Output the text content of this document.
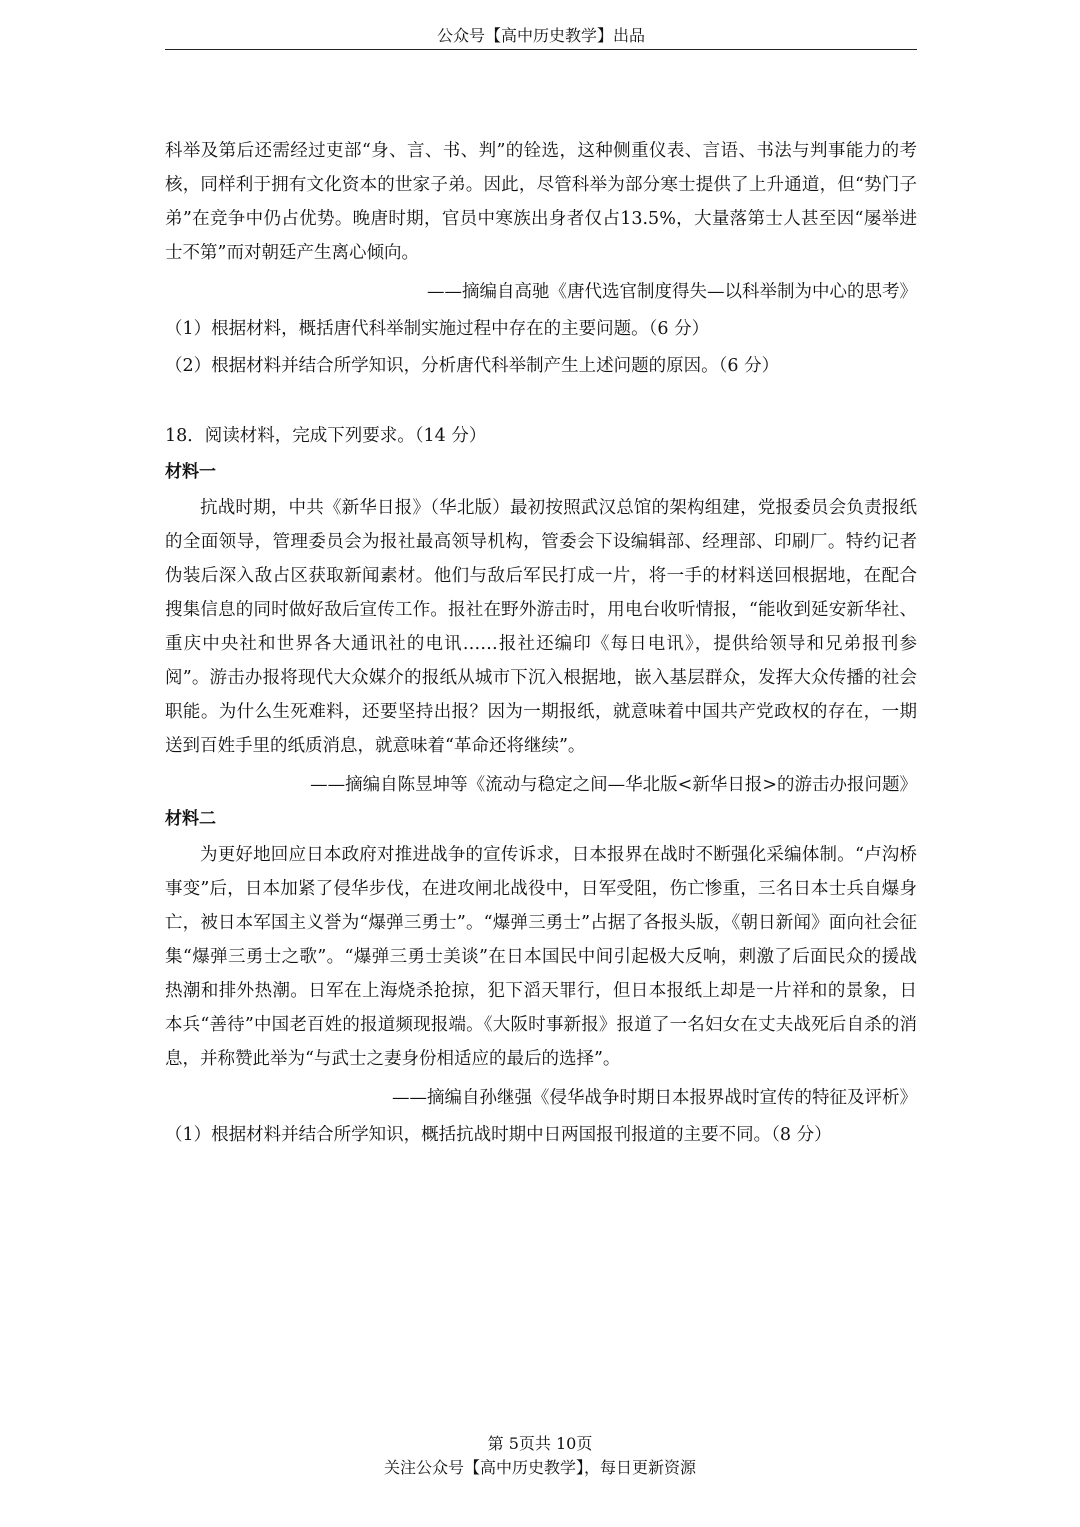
公众号【高中历史教学】出品

科举及第后还需经过吏部“身、言、书、判”的铨选，这种侧重仪表、言语、书法与判事能力的考核，同样利于拥有文化资本的世家子弟。因此，尽管科举为部分寒士提供了上升通道，但“势门子弟”在竞争中仍占优势。晚唐时期，官员中寒族出身者仅占13.5%，大量落第士人甚至因“屡举进士不第”而对朝廷产生离心倾向。

——摘编自高驰《唐代选官制度得失—以科举制为中心的思考》

（1）根据材料，概括唐代科举制实施过程中存在的主要问题。（6 分）

（2）根据材料并结合所学知识，分析唐代科举制产生上述问题的原因。（6 分）

18．阅读材料，完成下列要求。（14 分）

材料一

抗战时期，中共《新华日报》（华北版）最初按照武汉总馆的架构组建，党报委员会负责报纸的全面领导，管理委员会为报社最高领导机构，管委会下设编辑部、经理部、印刷厂。特约记者伪装后深入敌占区获取新闻素材。他们与敌后军民打成一片，将一手的材料送回根据地，在配合搜集信息的同时做好敌后宣传工作。报社在野外游击时，用电台收听情报，“能收到延安新华社、重庆中央社和世界各大通讯社的电讯……报社还编印《每日电讯》，提供给领导和兄弟报刊参阅”。游击办报将现代大众媒介的报纸从城市下沉入根据地，嵌入基层群众，发挥大众传播的社会职能。为什么生死难料，还要坚持出报？因为一期报纸，就意味着中国共产党政权的存在，一期送到百姓手里的纸质消息，就意味着“革命还将继续”。

——摘编自陈昱坤等《流动与稳定之间—华北版<新华日报>的游击办报问题》

材料二

为更好地回应日本政府对推进战争的宣传诉求，日本报界在战时不断强化采编体制。“卢沟桥事变”后，日本加紧了侵华步伐，在进攻闸北战役中，日军受阻，伤亡惨重，三名日本士兵自爆身亡，被日本军国主义誉为“爆弹三勇士”。“爆弹三勇士”占据了各报头版，《朝日新闻》面向社会征集“爆弹三勇士之歌”。“爆弹三勇士美谈”在日本国民中间引起极大反响，刺激了后面民众的援战热潮和排外热潮。日军在上海烧杀抢掠，犯下滔天罪行，但日本报纸上却是一片祥和的景象，日本兵“善待”中国老百姓的报道频现报端。《大阪时事新报》报道了一名妇女在丈夫战死后自杀的消息，并称赞此举为“与武士之妻身份相适应的最后的选择”。

——摘编自孙继强《侵华战争时期日本报界战时宣传的特征及评析》

（1）根据材料并结合所学知识，概括抗战时期中日两国报刊报道的主要不同。（8 分）

第 5页共 10页
关注公众号【高中历史教学】，每日更新资源
